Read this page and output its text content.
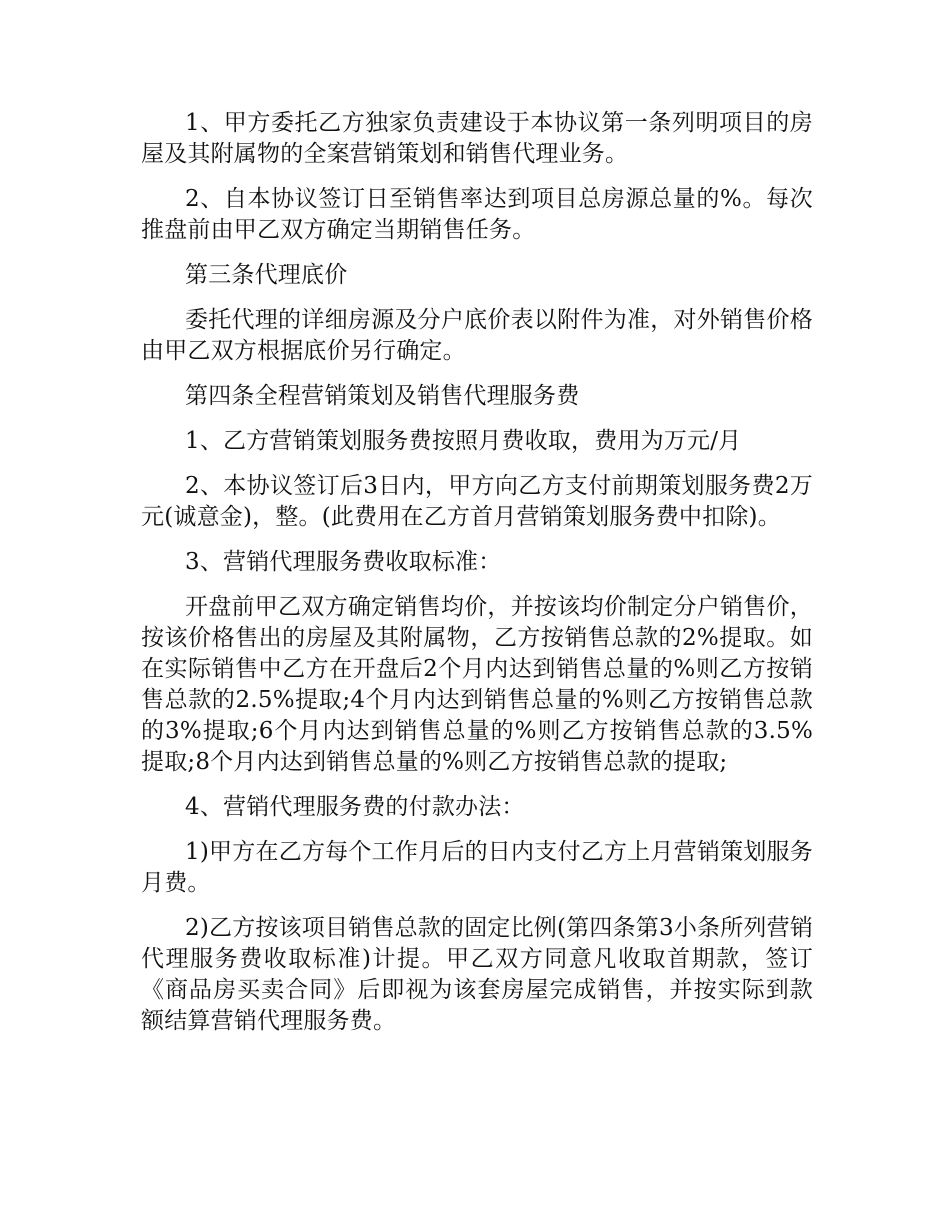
1、甲方委托乙方独家负责建设于本协议第一条列明项目的房屋及其附属物的全案营销策划和销售代理业务。

2、自本协议签订日至销售率达到项目总房源总量的%。每次推盘前由甲乙双方确定当期销售任务。

第三条代理底价

委托代理的详细房源及分户底价表以附件为准，对外销售价格由甲乙双方根据底价另行确定。

第四条全程营销策划及销售代理服务费

1、乙方营销策划服务费按照月费收取，费用为万元/月

2、本协议签订后3日内，甲方向乙方支付前期策划服务费2万元(诚意金)，整。(此费用在乙方首月营销策划服务费中扣除)。

3、营销代理服务费收取标准：

开盘前甲乙双方确定销售均价，并按该均价制定分户销售价，按该价格售出的房屋及其附属物，乙方按销售总款的2%提取。如在实际销售中乙方在开盘后2个月内达到销售总量的%则乙方按销售总款的2.5%提取;4个月内达到销售总量的%则乙方按销售总款的3%提取;6个月内达到销售总量的%则乙方按销售总款的3.5%提取;8个月内达到销售总量的%则乙方按销售总款的提取;

4、营销代理服务费的付款办法：

1)甲方在乙方每个工作月后的日内支付乙方上月营销策划服务月费。

2)乙方按该项目销售总款的固定比例(第四条第3小条所列营销代理服务费收取标准)计提。甲乙双方同意凡收取首期款，签订《商品房买卖合同》后即视为该套房屋完成销售，并按实际到款额结算营销代理服务费。
